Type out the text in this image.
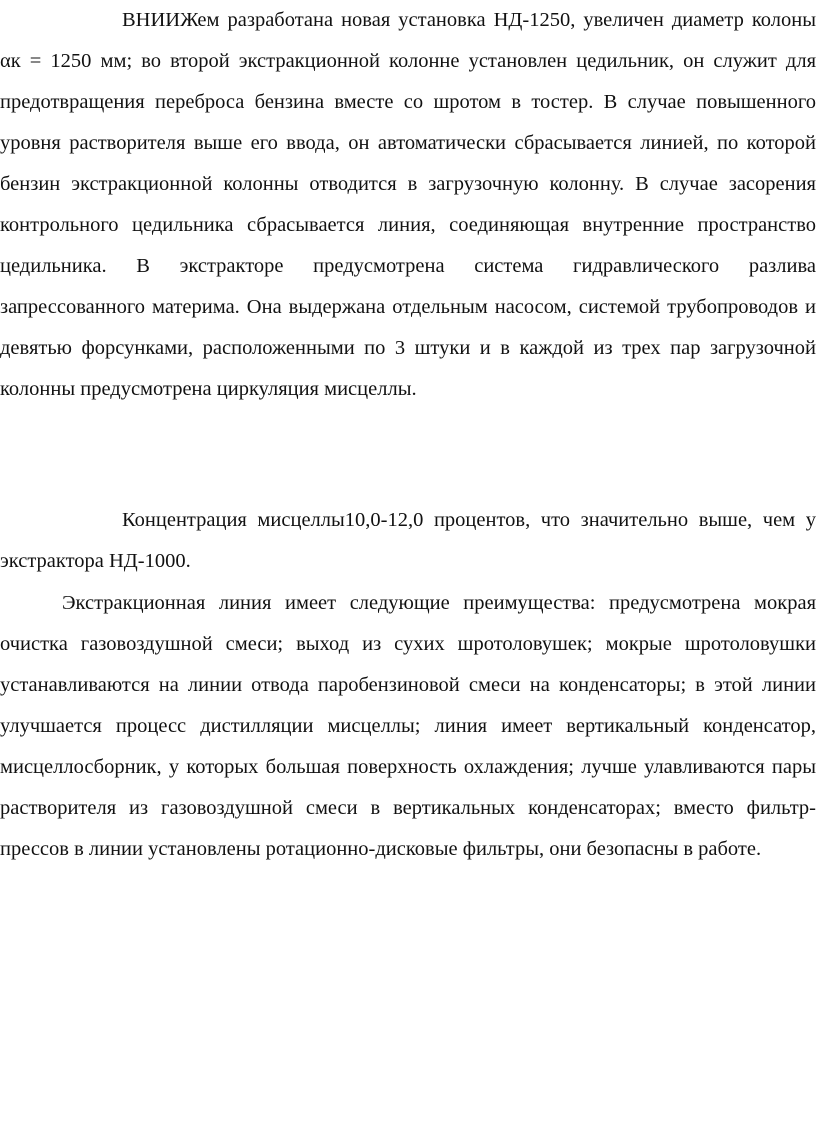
ВНИИЖем разработана новая установка НД-1250, увеличен диаметр колоны αк = 1250 мм; во второй экстракционной колонне установлен цедильник, он служит для предотвращения переброса бензина вместе со шротом в тостер. В случае повышенного уровня растворителя выше его ввода, он автоматически сбрасывается линией, по которой бензин экстракционной колонны отводится в загрузочную колонну. В случае засорения контрольного цедильника сбрасывается линия, соединяющая внутренние пространство цедильника. В экстракторе предусмотрена система гидравлического разлива запрессованного материма. Она выдержана отдельным насосом, системой трубопроводов и девятью форсунками, расположенными по 3 штуки и в каждой из трех пар загрузочной колонны предусмотрена циркуляция мисцеллы.

Концентрация мисцеллы10,0-12,0 процентов, что значительно выше, чем у экстрактора НД-1000.

Экстракционная линия имеет следующие преимущества: предусмотрена мокрая очистка газовоздушной смеси; выход из сухих шротоловушек; мокрые шротоловушки устанавливаются на линии отвода паробензиновой смеси на конденсаторы; в этой линии улучшается процесс дистилляции мисцеллы; линия имеет вертикальный конденсатор, мисцеллосборник, у которых большая поверхность охлаждения; лучше улавливаются пары растворителя из газовоздушной смеси в вертикальных конденсаторах; вместо фильтр-прессов в линии установлены ротационно-дисковые фильтры, они безопасны в работе.
